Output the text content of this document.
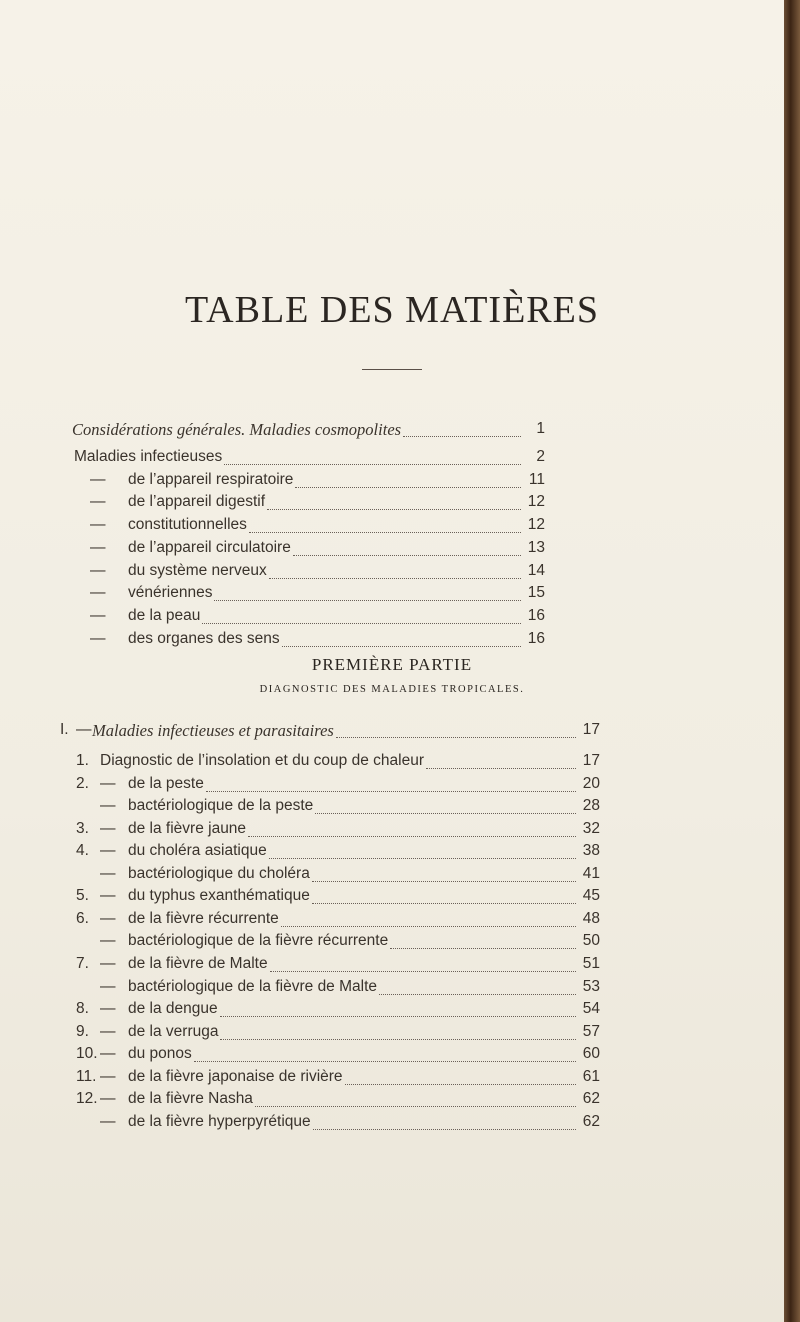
TABLE DES MATIÈRES
Considérations générales. Maladies cosmopolites	1
Maladies infectieuses	2
— de l’appareil respiratoire	11
— de l’appareil digestif	12
— constitutionnelles	12
— de l’appareil circulatoire	13
— du système nerveux	14
— vénériennes	15
— de la peau	16
— des organes des sens	16
PREMIÈRE PARTIE
DIAGNOSTIC DES MALADIES TROPICALES.
I. — Maladies infectieuses et parasitaires	17
1. Diagnostic de l’insolation et du coup de chaleur	17
2. — de la peste	20
— bactériologique de la peste	28
3. — de la fièvre jaune	32
4. — du choléra asiatique	38
— bactériologique du choléra	41
5. — du typhus exanthématique	45
6. — de la fièvre récurrente	48
— bactériologique de la fièvre récurrente	50
7. — de la fièvre de Malte	51
— bactériologique de la fièvre de Malte	53
8. — de la dengue	54
9. — de la verruga	57
10. — du ponos	60
11. — de la fièvre japonaise de rivière	61
12. — de la fièvre Nasha	62
— de la fièvre hyperpyrétique	62
